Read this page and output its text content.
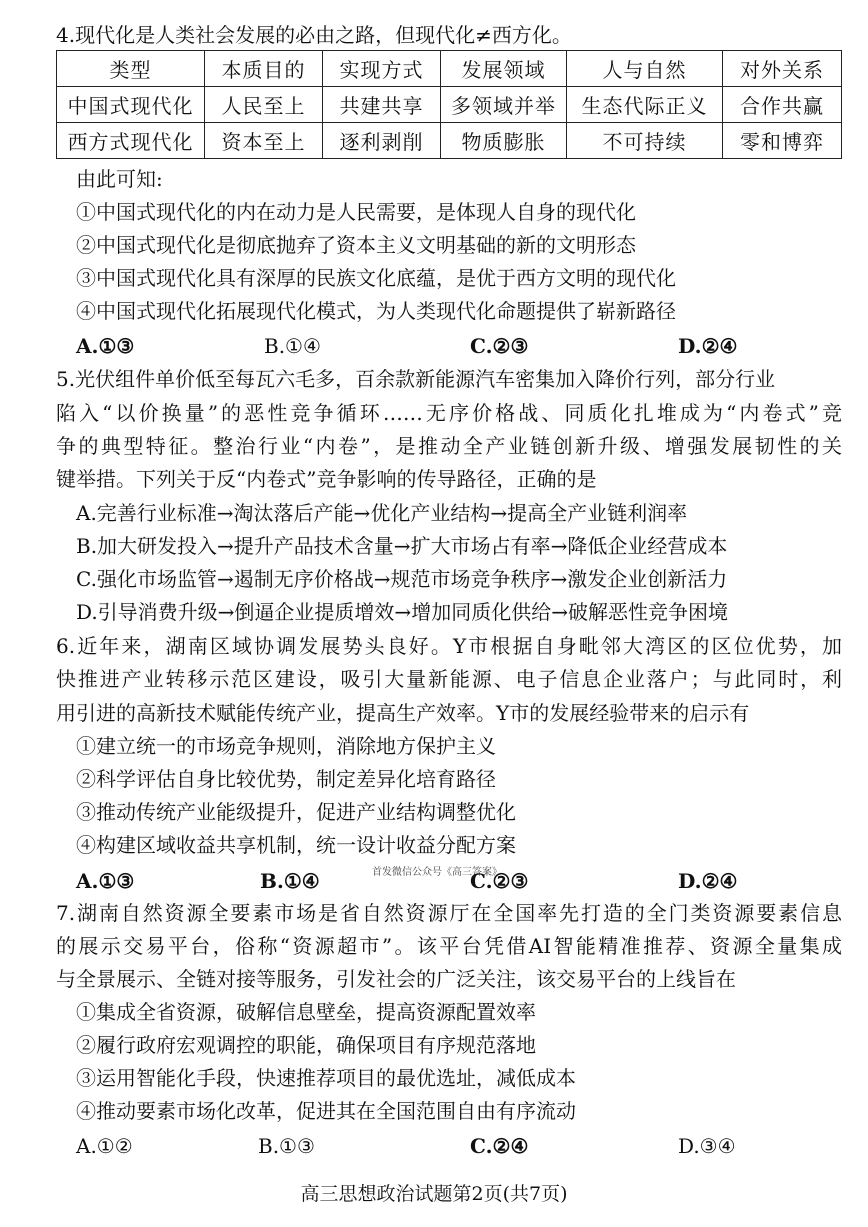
4.现代化是人类社会发展的必由之路，但现代化≠西方化。
类型	本质目的	实现方式	发展领域	人与自然	对外关系
中国式现代化	人民至上	共建共享	多领域并举	生态代际正义	合作共赢
西方式现代化	资本至上	逐利剥削	物质膨胀	不可持续	零和博弈
由此可知:
①中国式现代化的内在动力是人民需要，是体现人自身的现代化
②中国式现代化是彻底抛弃了资本主义文明基础的新的文明形态
③中国式现代化具有深厚的民族文化底蕴，是优于西方文明的现代化
④中国式现代化拓展现代化模式，为人类现代化命题提供了崭新路径
A.①③	B.①④	C.②③	D.②④
5.光伏组件单价低至每瓦六毛多，百余款新能源汽车密集加入降价行列，部分行业
陷入“以价换量”的恶性竞争循环……无序价格战、同质化扎堆成为“内卷式”竞
争的典型特征。整治行业“内卷”，是推动全产业链创新升级、增强发展韧性的关
键举措。下列关于反“内卷式”竞争影响的传导路径，正确的是
A.完善行业标准→淘汰落后产能→优化产业结构→提高全产业链利润率
B.加大研发投入→提升产品技术含量→扩大市场占有率→降低企业经营成本
C.强化市场监管→遏制无序价格战→规范市场竞争秩序→激发企业创新活力
D.引导消费升级→倒逼企业提质增效→增加同质化供给→破解恶性竞争困境
6.近年来，湖南区域协调发展势头良好。Y市根据自身毗邻大湾区的区位优势，加
快推进产业转移示范区建设，吸引大量新能源、电子信息企业落户；与此同时，利
用引进的高新技术赋能传统产业，提高生产效率。Y市的发展经验带来的启示有
①建立统一的市场竞争规则，消除地方保护主义
②科学评估自身比较优势，制定差异化培育路径
③推动传统产业能级提升，促进产业结构调整优化
④构建区域收益共享机制，统一设计收益分配方案
首发微信公众号《高三答案》
A.①③	B.①④	C.②③	D.②④
7.湖南自然资源全要素市场是省自然资源厅在全国率先打造的全门类资源要素信息
的展示交易平台，俗称“资源超市”。该平台凭借AI智能精准推荐、资源全量集成
与全景展示、全链对接等服务，引发社会的广泛关注，该交易平台的上线旨在
①集成全省资源，破解信息壁垒，提高资源配置效率
②履行政府宏观调控的职能，确保项目有序规范落地
③运用智能化手段，快速推荐项目的最优选址，减低成本
④推动要素市场化改革，促进其在全国范围自由有序流动
A.①②	B.①③	C.②④	D.③④
高三思想政治试题第2页(共7页)
